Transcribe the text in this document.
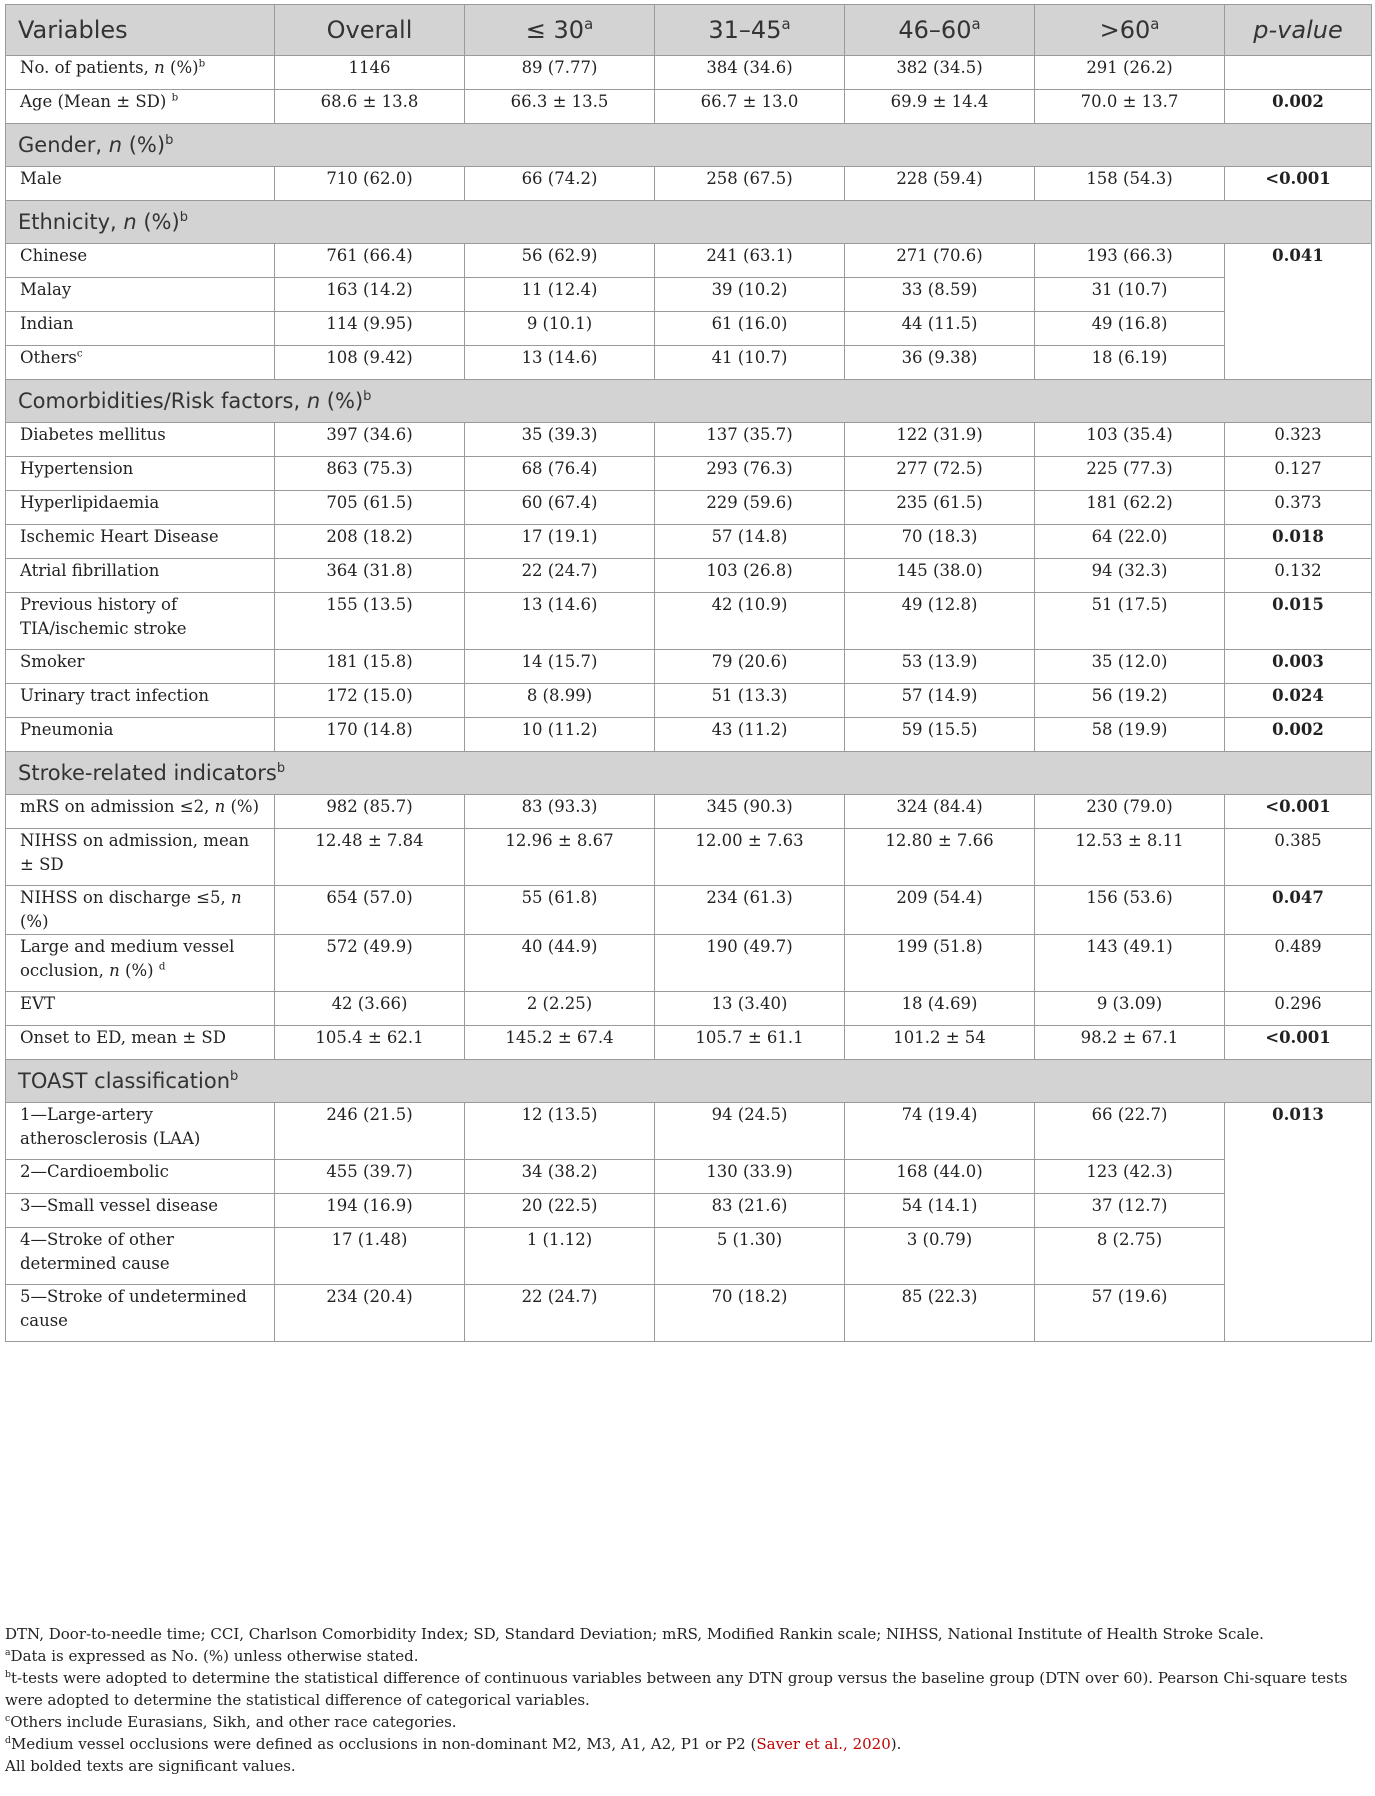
Variables	Overall	≤ $30^a$	31–45$^a$	$46-60^a$	$>60^a$	p-value
No. of patients, n (%)$^b$	1146	89 (7.77)	384 (34.6)	382 (34.5)	291 (26.2)	
Age (Mean ± SD) $^b$	68.6 ± 13.8	66.3 ± 13.5	66.7 ± 13.0	69.9 ± 14.4	70.0 ± 13.7	0.002
Gender, n (%)$^b$
Male	710 (62.0)	66 (74.2)	258 (67.5)	228 (59.4)	158 (54.3)	<0.001
Ethnicity, n (%)$^b$
Chinese	761 (66.4)	56 (62.9)	241 (63.1)	271 (70.6)	193 (66.3)	0.041
Malay	163 (14.2)	11 (12.4)	39 (10.2)	33 (8.59)	31 (10.7)	
Indian	114 (9.95)	9 (10.1)	61 (16.0)	44 (11.5)	49 (16.8)	
Others$^c$	108 (9.42)	13 (14.6)	41 (10.7)	36 (9.38)	18 (6.19)	
Comorbidities/Risk factors, n (%)$^b$
Diabetes mellitus	397 (34.6)	35 (39.3)	137 (35.7)	122 (31.9)	103 (35.4)	0.323
Hypertension	863 (75.3)	68 (76.4)	293 (76.3)	277 (72.5)	225 (77.3)	0.127
Hyperlipidaemia	705 (61.5)	60 (67.4)	229 (59.6)	235 (61.5)	181 (62.2)	0.373
Ischemic Heart Disease	208 (18.2)	17 (19.1)	57 (14.8)	70 (18.3)	64 (22.0)	0.018
Atrial fibrillation	364 (31.8)	22 (24.7)	103 (26.8)	145 (38.0)	94 (32.3)	0.132
Previous history of TIA/ischemic stroke	155 (13.5)	13 (14.6)	42 (10.9)	49 (12.8)	51 (17.5)	0.015
Smoker	181 (15.8)	14 (15.7)	79 (20.6)	53 (13.9)	35 (12.0)	0.003
Urinary tract infection	172 (15.0)	8 (8.99)	51 (13.3)	57 (14.9)	56 (19.2)	0.024
Pneumonia	170 (14.8)	10 (11.2)	43 (11.2)	59 (15.5)	58 (19.9)	0.002
Stroke-related indicators$^b$
mRS on admission ≤2, n (%)	982 (85.7)	83 (93.3)	345 (90.3)	324 (84.4)	230 (79.0)	<0.001
NIHSS on admission, mean ± SD	12.48 ± 7.84	12.96 ± 8.67	12.00 ± 7.63	12.80 ± 7.66	12.53 ± 8.11	0.385
NIHSS on discharge ≤5, n (%)	654 (57.0)	55 (61.8)	234 (61.3)	209 (54.4)	156 (53.6)	0.047
Large and medium vessel occlusion, n (%) $^d$	572 (49.9)	40 (44.9)	190 (49.7)	199 (51.8)	143 (49.1)	0.489
EVT	42 (3.66)	2 (2.25)	13 (3.40)	18 (4.69)	9 (3.09)	0.296
Onset to ED, mean ± SD	105.4 ± 62.1	145.2 ± 67.4	105.7 ± 61.1	101.2 ± 54	98.2 ± 67.1	<0.001
TOAST classification$^b$
1—Large-artery atherosclerosis (LAA)	246 (21.5)	12 (13.5)	94 (24.5)	74 (19.4)	66 (22.7)	0.013
2—Cardioembolic	455 (39.7)	34 (38.2)	130 (33.9)	168 (44.0)	123 (42.3)	
3—Small vessel disease	194 (16.9)	20 (22.5)	83 (21.6)	54 (14.1)	37 (12.7)	
4—Stroke of other determined cause	17 (1.48)	1 (1.12)	5 (1.30)	3 (0.79)	8 (2.75)	
5—Stroke of undetermined cause	234 (20.4)	22 (24.7)	70 (18.2)	85 (22.3)	57 (19.6)	

DTN, Door-to-needle time; CCI, Charlson Comorbidity Index; SD, Standard Deviation; mRS, Modified Rankin scale; NIHSS, National Institute of Health Stroke Scale.

$^a$Data is expressed as No. (%) unless otherwise stated.

$^b$t-tests were adopted to determine the statistical difference of continuous variables between any DTN group versus the baseline group (DTN over 60). Pearson Chi-square tests were adopted to determine the statistical difference of categorical variables.

$^c$Others include Eurasians, Sikh, and other race categories.

$^d$Medium vessel occlusions were defined as occlusions in non-dominant M2, M3, A1, A2, P1 or P2 (Saver et al., 2020).

All bolded texts are significant values.
